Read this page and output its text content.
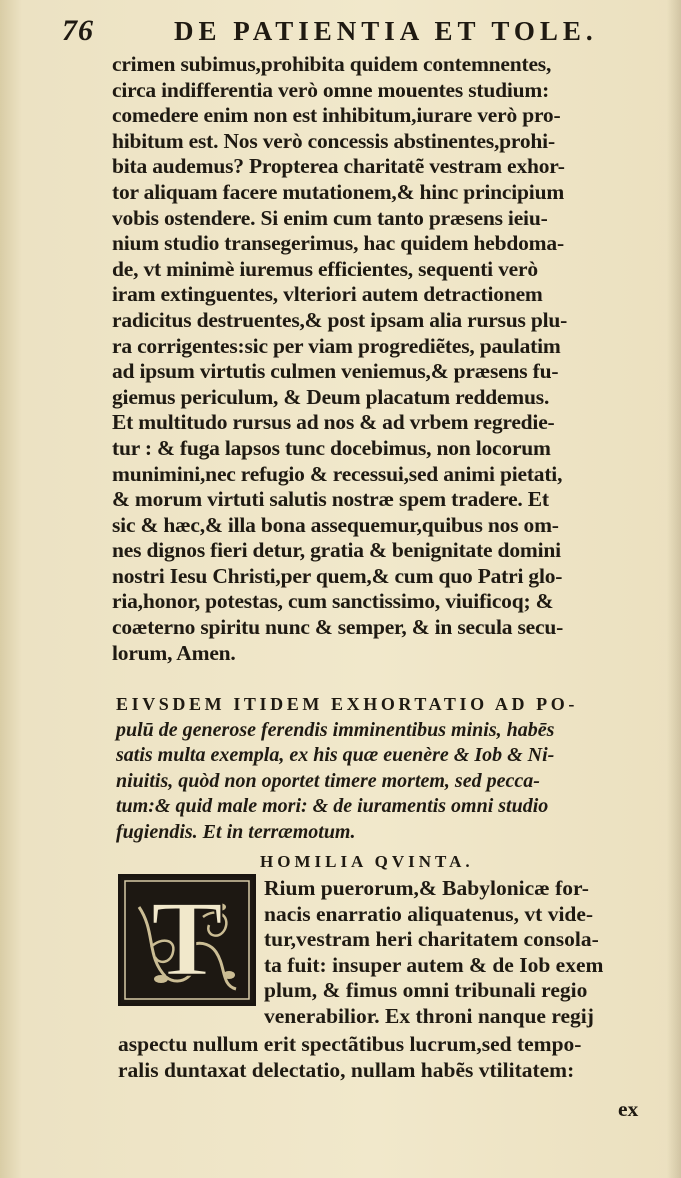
76	DE PATIENTIA ET TOLE.
crimen subimus,prohibita quidem contemnentes,
circa indifferentia verò omne mouentes studium:
comedere enim non est inhibitum,iurare verò pro-
hibitum est. Nos verò concessis abstinentes,prohi-
bita audemus? Propterea charitatẽ vestram exhor-
tor aliquam facere mutationem,& hinc principium
vobis ostendere. Si enim cum tanto præsens ieiu-
nium studio transegerimus, hac quidem hebdoma-
de, vt minimè iuremus efficientes, sequenti verò
iram extinguentes, vlteriori autem detractionem
radicitus destruentes,& post ipsam alia rursus plu-
ra corrigentes:sic per viam progrediẽtes, paulatim
ad ipsum virtutis culmen veniemus,& præsens fu-
giemus periculum, & Deum placatum reddemus.
Et multitudo rursus ad nos & ad vrbem regredie-
tur : & fuga lapsos tunc docebimus, non locorum
munimini,nec refugio & recessui,sed animi pietati,
& morum virtuti salutis nostræ spem tradere. Et
sic & hæc,& illa bona assequemur,quibus nos om-
nes dignos fieri detur, gratia & benignitate domini
nostri Iesu Christi,per quem,& cum quo Patri glo-
ria,honor, potestas, cum sanctissimo, viuificoq; &
coæterno spiritu nunc & semper, & in secula secu-
lorum, Amen.
EIVSDEM ITIDEM EXHORTATIO AD PO-
pulū de generose ferendis imminentibus minis, habēs
satis multa exempla, ex his quæ euenère & Iob & Ni-
niuitis, quòd non oportet timere mortem, sed pecca-
tum:& quid male mori: & de iuramentis omni studio
fugiendis. Et in terræmotum.
HOMILIA QVINTA.
T Rium puerorum,& Babylonicæ for-
nacis enarratio aliquatenus, vt vide-
tur,vestram heri charitatem consola-
ta fuit: insuper autem & de Iob exem
plum, & fimus omni tribunali regio
venerabilior. Ex throni nanque regij
aspectu nullum erit spectãtibus lucrum,sed tempo-
ralis duntaxat delectatio, nullam habẽs vtilitatem:
ex
